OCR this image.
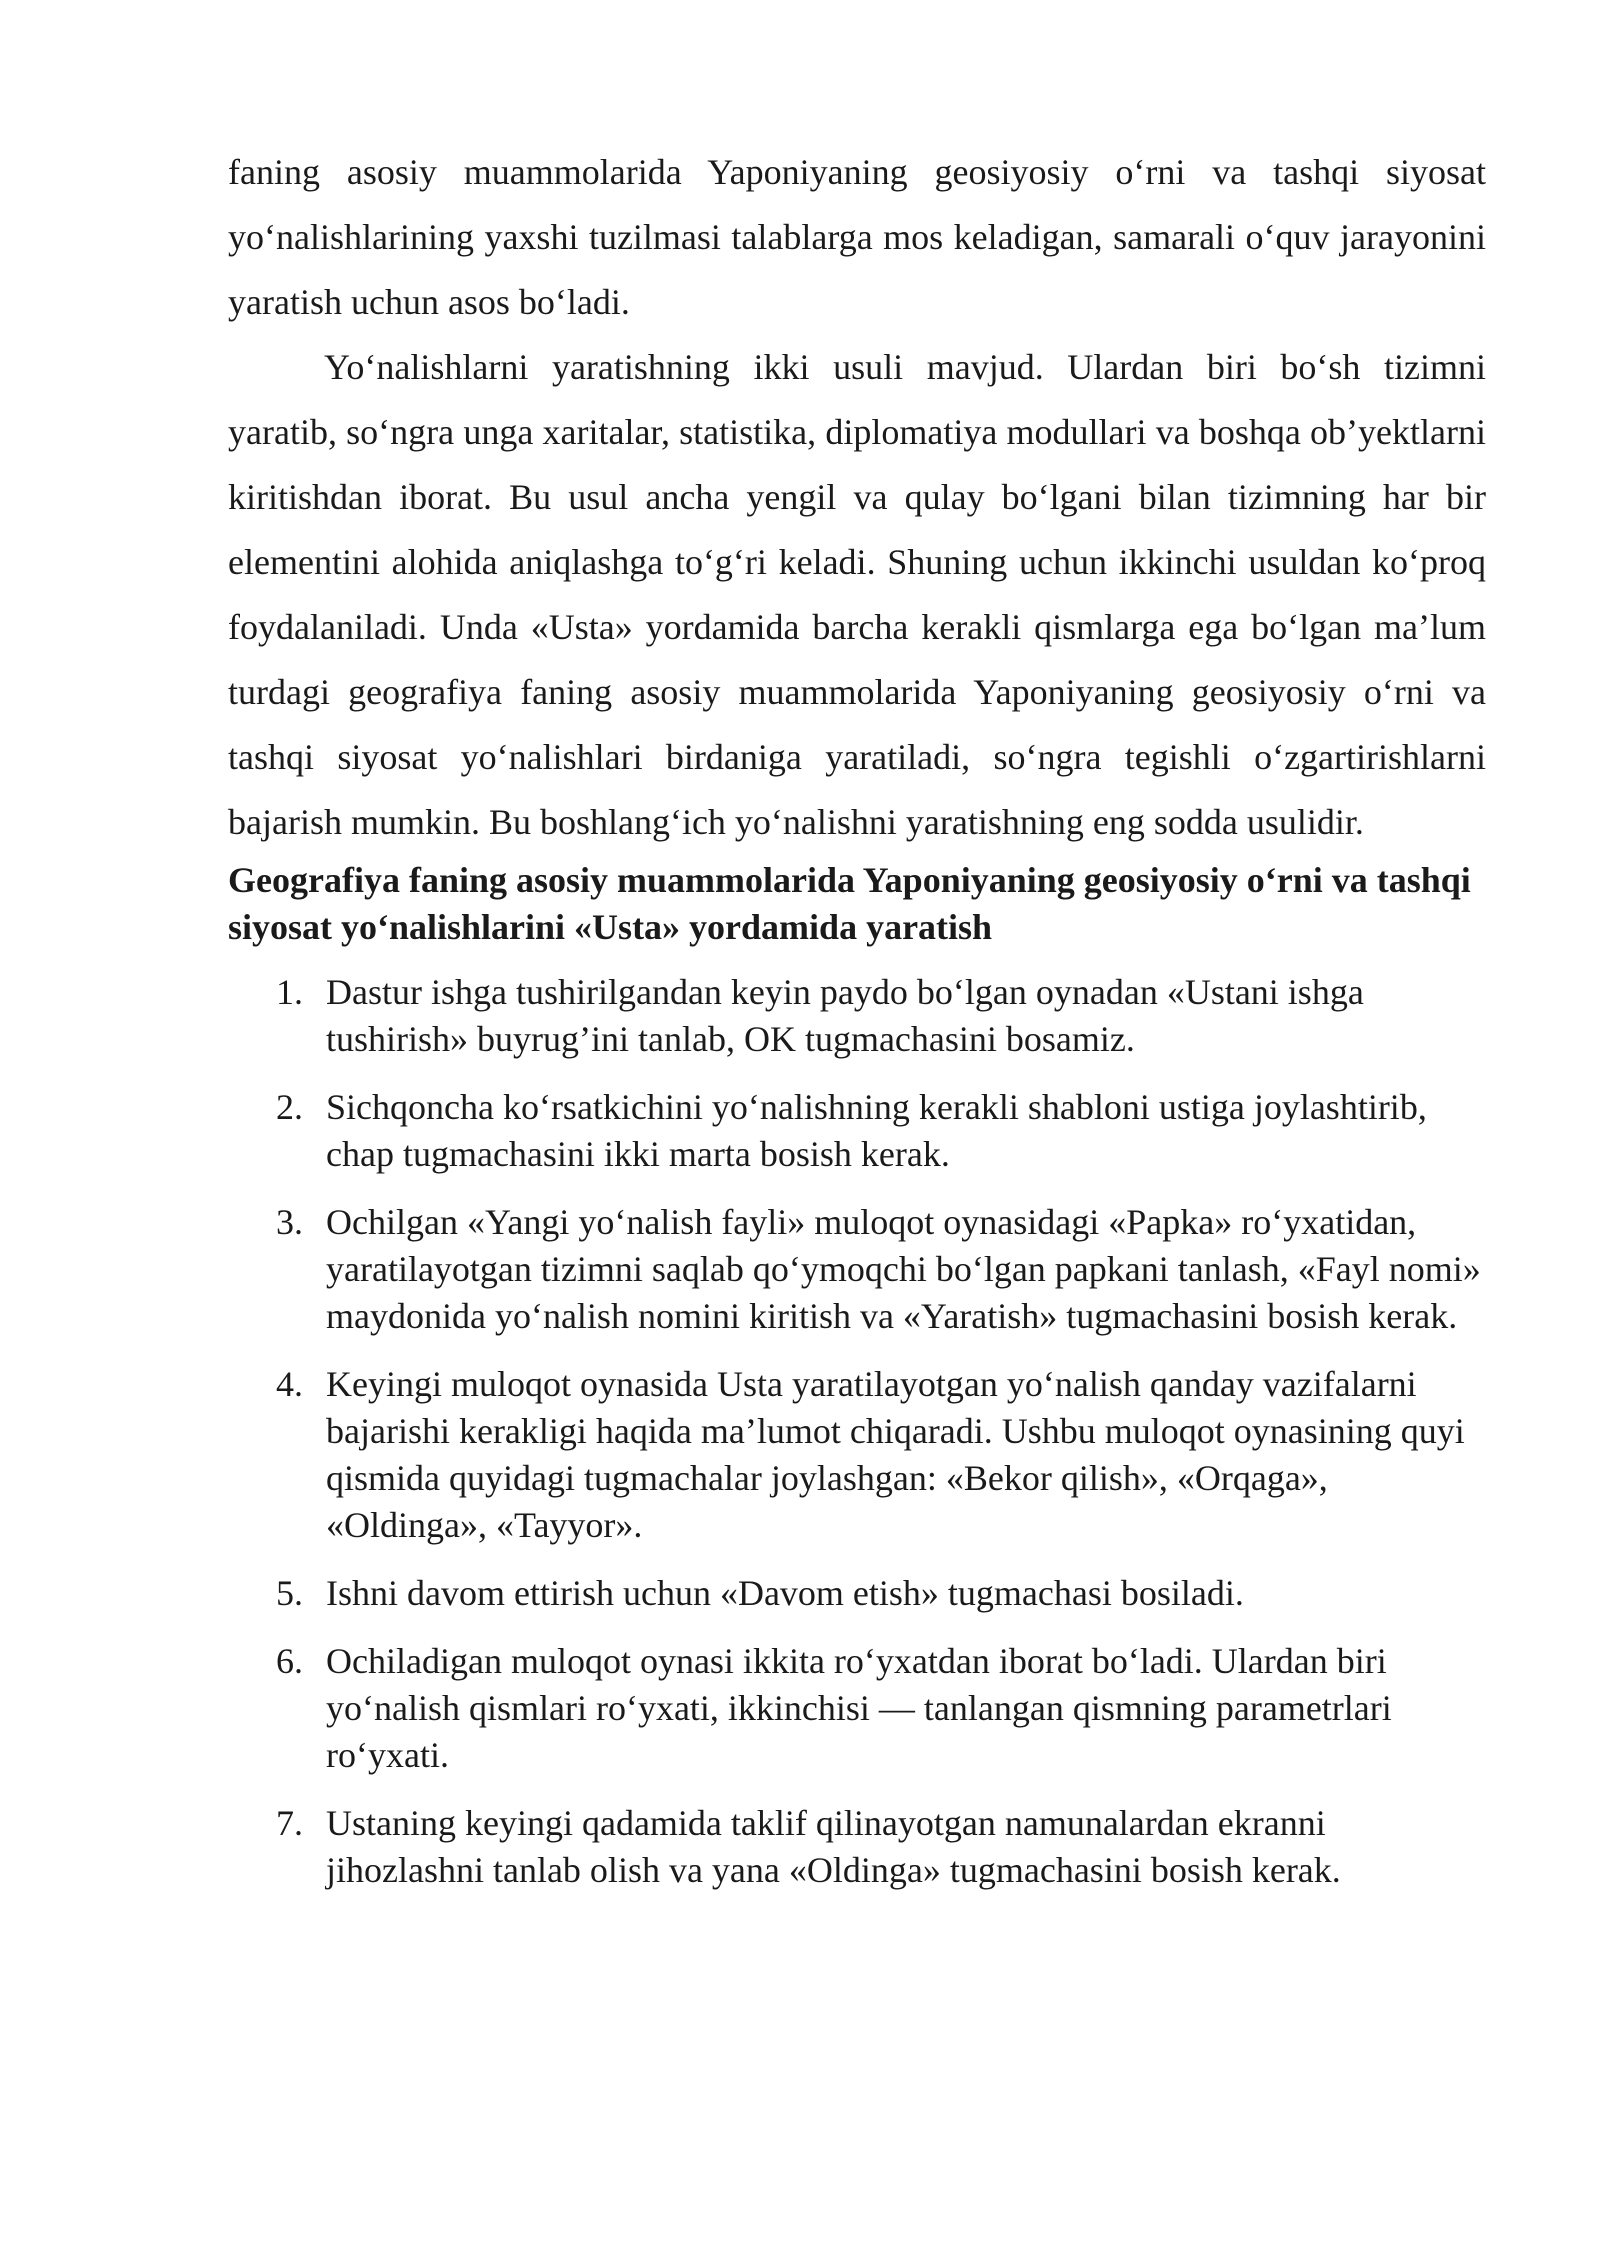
faning asosiy muammolarida Yaponiyaning geosiyosiy o‘rni va tashqi siyosat yo‘nalishlarining yaxshi tuzilmasi talablarga mos keladigan, samarali o‘quv jarayonini yaratish uchun asos bo‘ladi.

Yo‘nalishlarni yaratishning ikki usuli mavjud. Ulardan biri bo‘sh tizimni yaratib, so‘ngra unga xaritalar, statistika, diplomatiya modullari va boshqa ob’yektlarni kiritishdan iborat. Bu usul ancha yengil va qulay bo‘lgani bilan tizimning har bir elementini alohida aniqlashga to‘g‘ri keladi. Shuning uchun ikkinchi usuldan ko‘proq foydalaniladi. Unda «Usta» yordamida barcha kerakli qismlarga ega bo‘lgan ma’lum turdagi geografiya faning asosiy muammolarida Yaponiyaning geosiyosiy o‘rni va tashqi siyosat yo‘nalishlari birdaniga yaratiladi, so‘ngra tegishli o‘zgartirishlarni bajarish mumkin. Bu boshlang‘ich yo‘nalishni yaratishning eng sodda usulidir.

Geografiya faning asosiy muammolarida Yaponiyaning geosiyosiy o‘rni va tashqi siyosat yo‘nalishlarini «Usta» yordamida yaratish
1. Dastur ishga tushirilgandan keyin paydo bo‘lgan oynadan «Ustani ishga tushirish» buyrug’ini tanlab, OK tugmachasini bosamiz.
2. Sichqoncha ko‘rsatkichini yo‘nalishning kerakli shabloni ustiga joylashtirib, chap tugmachasini ikki marta bosish kerak.
3. Ochilgan «Yangi yo‘nalish fayli» muloqot oynasidagi «Papka» ro‘yxatidan, yaratilayotgan tizimni saqlab qo‘ymoqchi bo‘lgan papkani tanlash, «Fayl nomi» maydonida yo‘nalish nomini kiritish va «Yaratish» tugmachasini bosish kerak.
4. Keyingi muloqot oynasida Usta yaratilayotgan yo‘nalish qanday vazifalarni bajarishi kerakligi haqida ma’lumot chiqaradi. Ushbu muloqot oynasining quyi qismida quyidagi tugmachalar joylashgan: «Bekor qilish», «Orqaga», «Oldinga», «Tayyor».
5. Ishni davom ettirish uchun «Davom etish» tugmachasi bosiladi.
6. Ochiladigan muloqot oynasi ikkita ro‘yxatdan iborat bo‘ladi. Ulardan biri yo‘nalish qismlari ro‘yxati, ikkinchisi — tanlangan qismning parametrlari ro‘yxati.
7. Ustaning keyingi qadamida taklif qilinayotgan namunalardan ekranni jihozlashni tanlab olish va yana «Oldinga» tugmachasini bosish kerak.
